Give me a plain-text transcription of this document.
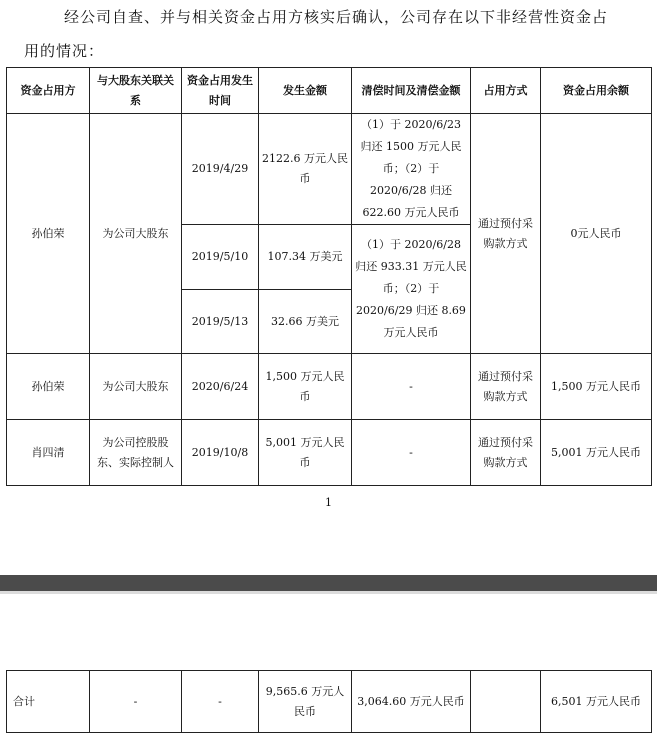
经公司自查、并与相关资金占用方核实后确认，公司存在以下非经营性资金占
用的情况：
资金占用方	与大股东关联关系	资金占用发生时间	发生金额	清偿时间及清偿金额	占用方式	资金占用余额
孙伯荣	为公司大股东	2019/4/29	2122.6 万元人民币	（1）于 2020/6/23 归还 1500 万元人民币；（2）于 2020/6/28 归还 622.60 万元人民币	通过预付采购款方式	0元人民币
		2019/5/10	107.34 万美元	（1）于 2020/6/28 归还 933.31 万元人民币；（2）于 2020/6/29 归还 8.69 万元人民币		
		2019/5/13	32.66 万美元			
孙伯荣	为公司大股东	2020/6/24	1,500 万元人民币	-	通过预付采购款方式	1,500 万元人民币
肖四清	为公司控股股东、实际控制人	2019/10/8	5,001 万元人民币	-	通过预付采购款方式	5,001 万元人民币
1
合计	-	-	9,565.6 万元人民币	3,064.60 万元人民币		6,501 万元人民币
